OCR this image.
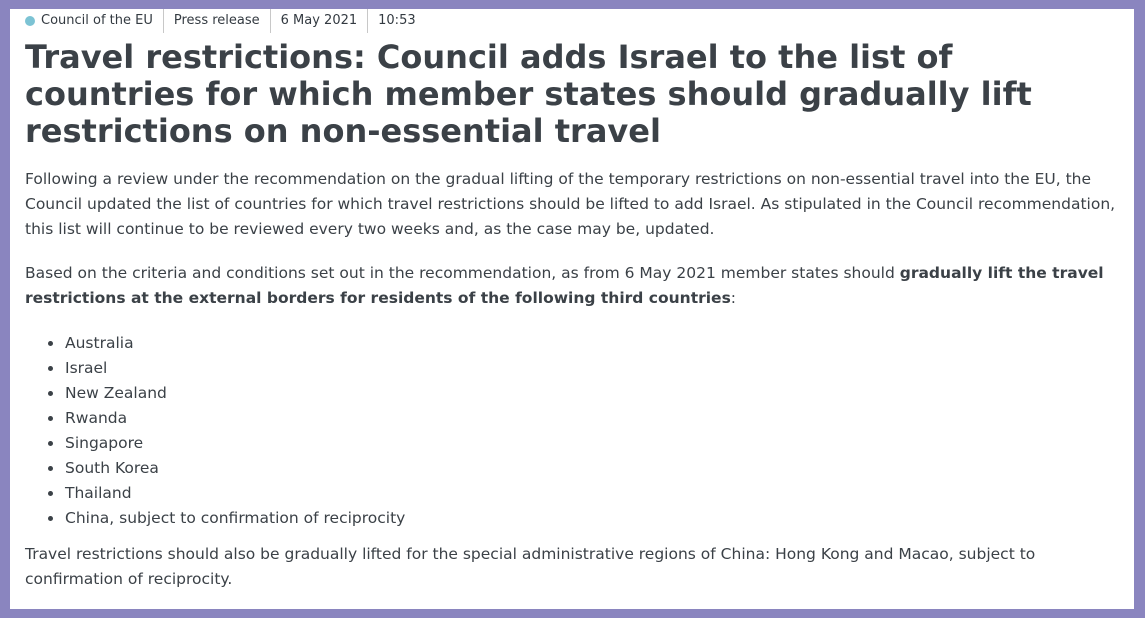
Council of the EU	Press release	6 May 2021	10:53
Travel restrictions: Council adds Israel to the list of countries for which member states should gradually lift restrictions on non-essential travel

Following a review under the recommendation on the gradual lifting of the temporary restrictions on non-essential travel into the EU, the Council updated the list of countries for which travel restrictions should be lifted to add Israel. As stipulated in the Council recommendation, this list will continue to be reviewed every two weeks and, as the case may be, updated.

Based on the criteria and conditions set out in the recommendation, as from 6 May 2021 member states should gradually lift the travel restrictions at the external borders for residents of the following third countries:

Australia
Israel
New Zealand
Rwanda
Singapore
South Korea
Thailand
China, subject to confirmation of reciprocity

Travel restrictions should also be gradually lifted for the special administrative regions of China: Hong Kong and Macao, subject to confirmation of reciprocity.
